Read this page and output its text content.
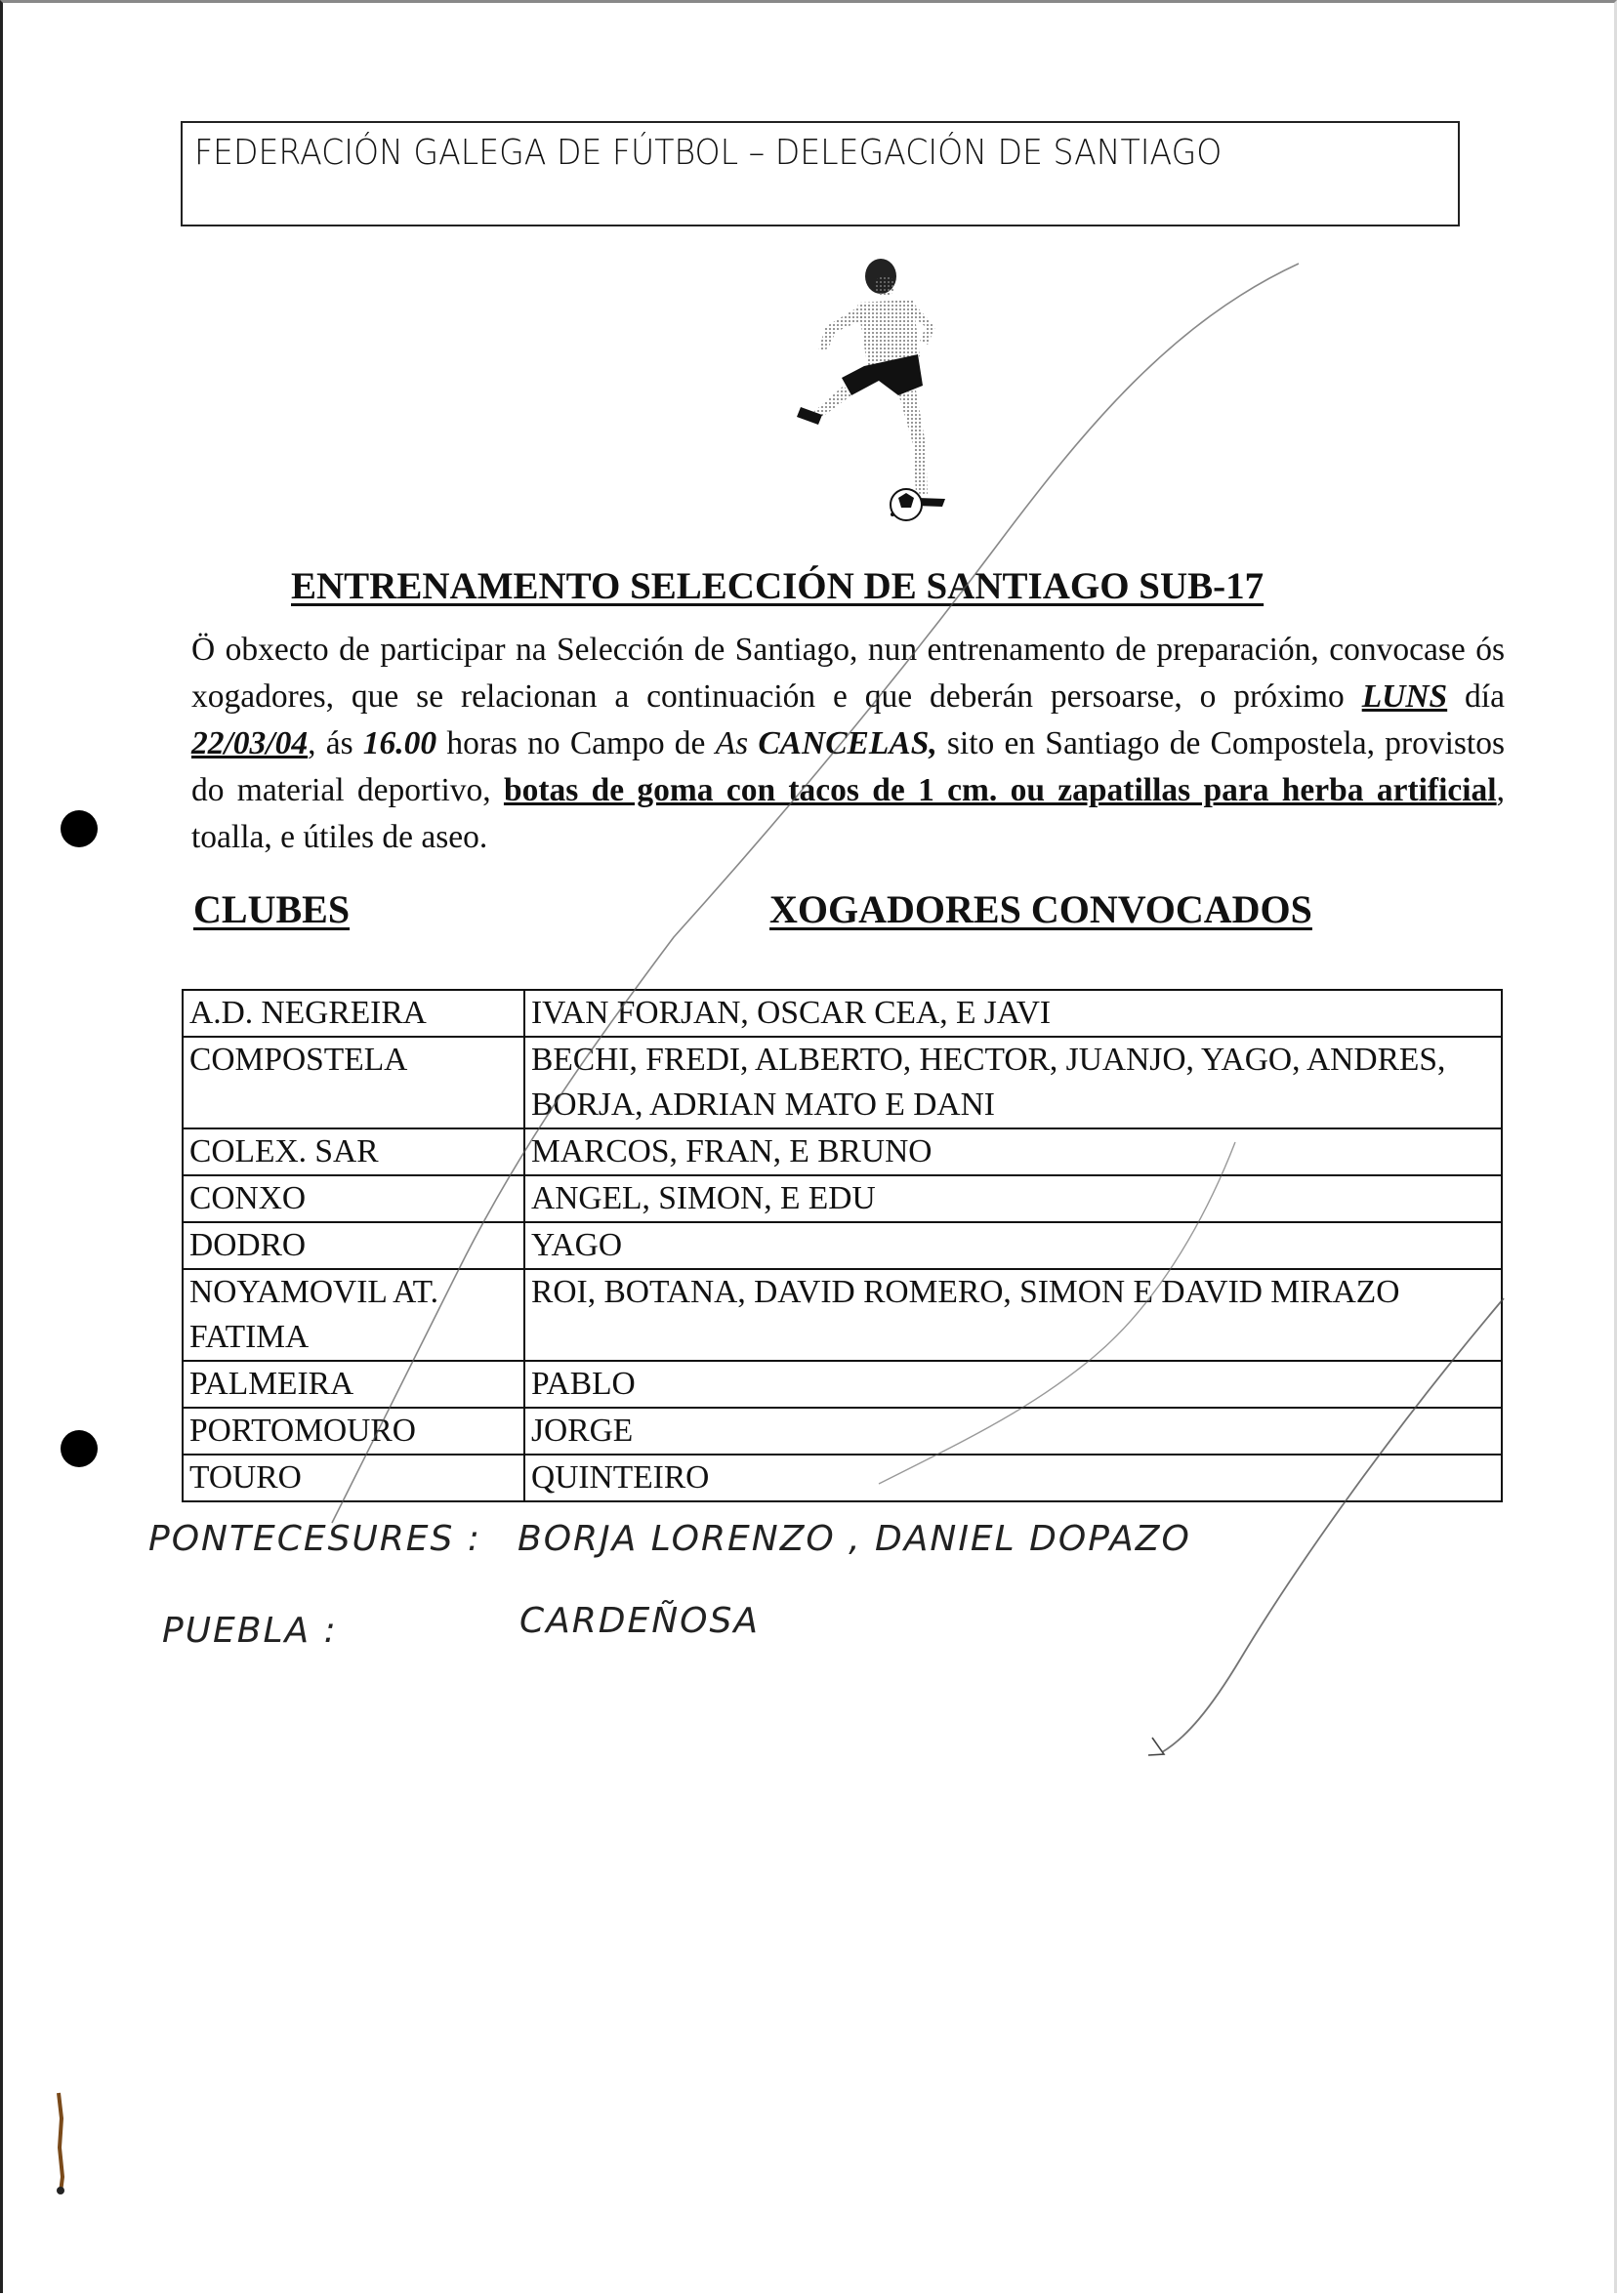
FEDERACIÓN GALEGA DE FÚTBOL – DELEGACIÓN DE SANTIAGO
ENTRENAMENTO SELECCIÓN DE SANTIAGO SUB-17
Ö obxecto de participar na Selección de Santiago, nun entrenamento de preparación, convocase ós xogadores, que se relacionan a continuación e que deberán persoarse, o próximo LUNS día 22/03/04, ás 16.00 horas no Campo de As CANCELAS, sito en Santiago de Compostela, provistos do material deportivo, botas de goma con tacos de 1 cm. ou zapatillas para herba artificial, toalla, e útiles de aseo.
CLUBES	XOGADORES CONVOCADOS
A.D. NEGREIRA	IVAN FORJAN, OSCAR CEA, E JAVI
COMPOSTELA	BECHI, FREDI, ALBERTO, HECTOR, JUANJO, YAGO, ANDRES, BORJA, ADRIAN MATO E DANI
COLEX. SAR	MARCOS, FRAN, E BRUNO
CONXO	ANGEL, SIMON, E EDU
DODRO	YAGO
NOYAMOVIL AT. FATIMA	ROI, BOTANA, DAVID ROMERO, SIMON E DAVID MIRAZO
PALMEIRA	PABLO
PORTOMOURO	JORGE
TOURO	QUINTEIRO
PONTECESURES : BORJA LORENZO , DANIEL DOPAZO
PUEBLA :	CARDEÑOSA
